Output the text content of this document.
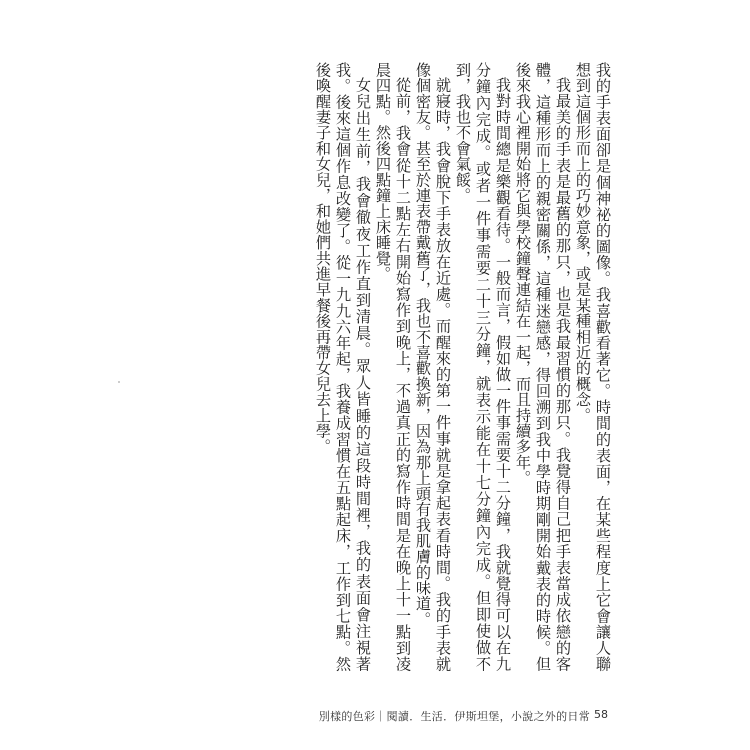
我的手表面卻是個神祕的圖像。我喜歡看著它。時間的表面，在某些程度上它會讓人聯想到這個形而上的巧妙意象，或是某種相近的概念。

我最美的手表是最舊的那只，也是我最習慣的那只。我覺得自己把手表當成依戀的客體，這種形而上的親密關係，這種迷戀感，得回溯到我中學時期剛開始戴表的時候。但後來我心裡開始將它與學校鐘聲連結在一起，而且持續多年。

我對時間總是樂觀看待。一般而言，假如做一件事需要十二分鐘，我就覺得可以在九分鐘內完成。或者一件事需要二十三分鐘，就表示能在十七分鐘內完成。但即使做不到，我也不會氣餒。

就寢時，我會脫下手表放在近處。而醒來的第一件事就是拿起表看時間。我的手表就像個密友。甚至於連表帶戴舊了，我也不喜歡換新，因為那上頭有我肌膚的味道。

從前，我會從十二點左右開始寫作到晚上，不過真正的寫作時間是在晚上十一點到凌晨四點。然後四點鐘上床睡覺。

女兒出生前，我會徹夜工作直到清晨。眾人皆睡的這段時間裡，我的表面會注視著我。後來這個作息改變了。從一九九六年起，我養成習慣在五點起床，工作到七點。然後喚醒妻子和女兒，和她們共進早餐後再帶女兒去上學。

別樣的色彩｜閱讀．生活．伊斯坦堡，小說之外的日常 58
